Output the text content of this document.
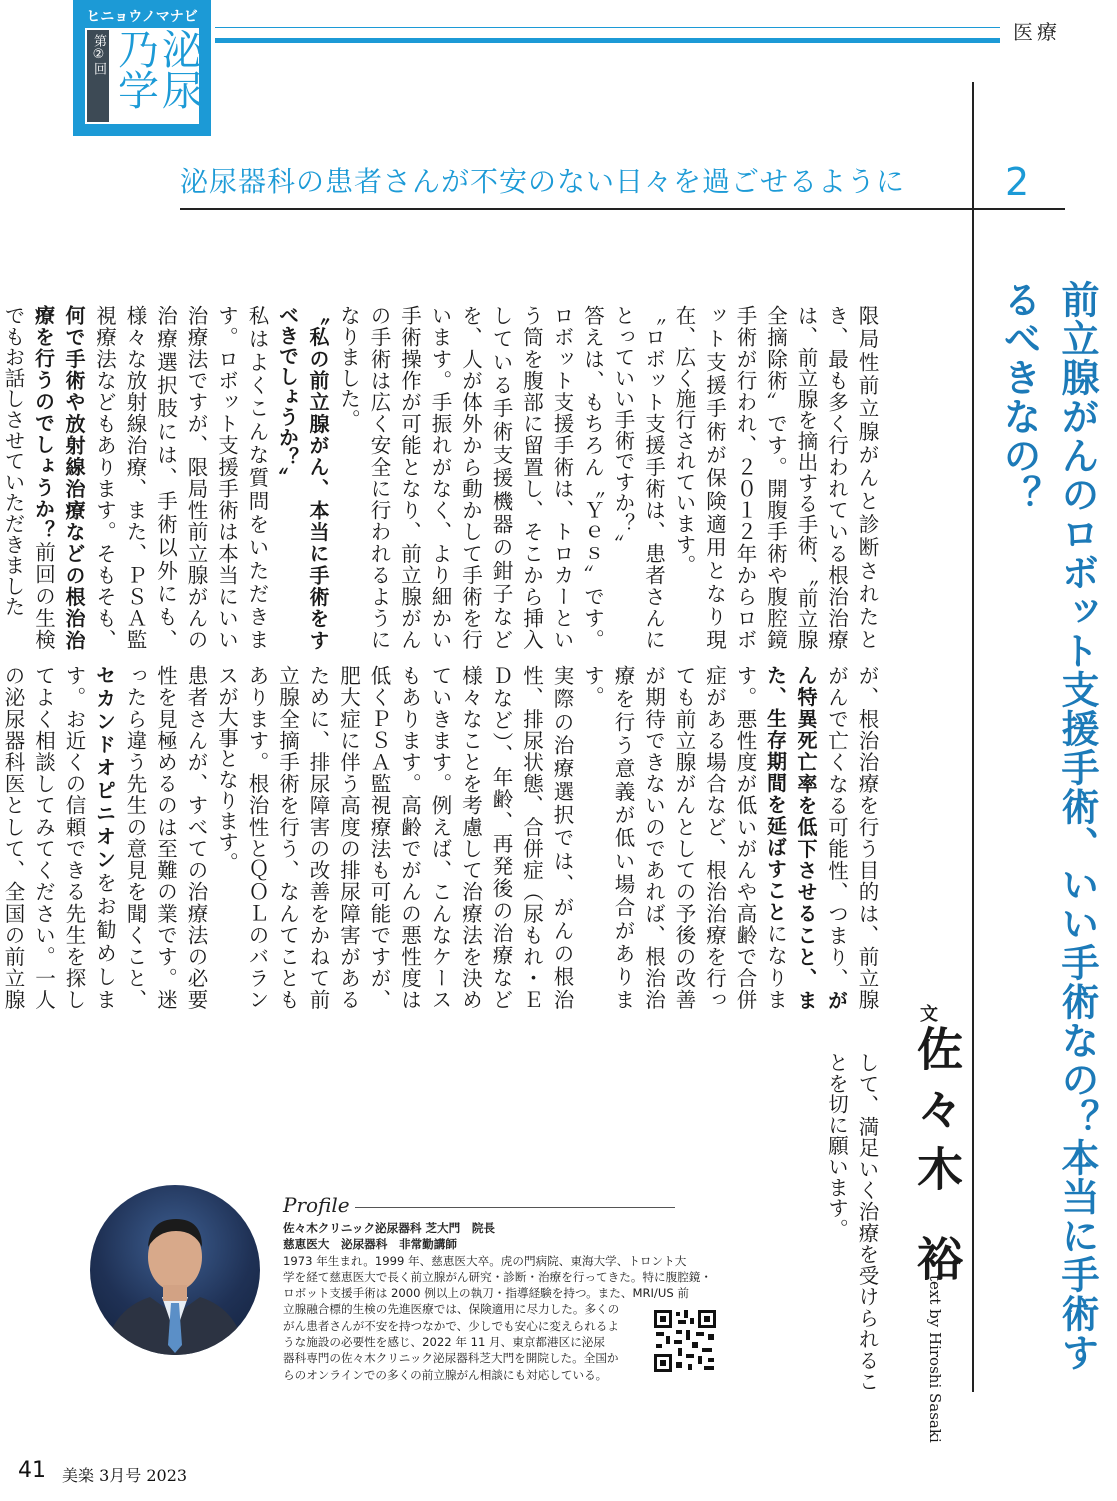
医療
ヒニョウノマナビ
第②回	泌尿乃学
泌尿器科の患者さんが不安のない日々を過ごせるように	2
前立腺がんのロボット支援手術、いい手術なの？本当に手術するべきなの？
文
佐々木 裕
text by Hiroshi Sasaki
限局性前立腺がんと診断されたとき、最も多く行われている根治治療は、前立腺を摘出する手術、〝前立腺全摘除術〟です。開腹手術や腹腔鏡手術が行われ、２０１２年からロボット支援手術が保険適用となり現在、広く施行されています。
〝ロボット支援手術は、患者さんにとっていい手術ですか？〟
答えは、もちろん〝Ｙｅｓ〟です。ロボット支援手術は、トロカーという筒を腹部に留置し、そこから挿入している手術支援機器の鉗子などを、人が体外から動かして手術を行います。手振れがなく、より細かい手術操作が可能となり、前立腺がんの手術は広く安全に行われるようになりました。
〝私の前立腺がん、本当に手術をすべきでしょうか？〟
私はよくこんな質問をいただきます。ロボット支援手術は本当にいい治療法ですが、限局性前立腺がんの治療選択肢には、手術以外にも、様々な放射線治療、また、ＰＳＡ監視療法などもあります。そもそも、何で手術や放射線治療などの根治治療を行うのでしょうか？前回の生検でもお話しさせていただきました
が、根治治療を行う目的は、前立腺がんで亡くなる可能性、つまり、がん特異死亡率を低下させること、また、生存期間を延ばすことになります。悪性度が低いがんや高齢で合併症がある場合など、根治治療を行っても前立腺がんとしての予後の改善が期待できないのであれば、根治治療を行う意義が低い場合があります。
実際の治療選択では、がんの根治性、排尿状態、合併症（尿もれ・ＥＤなど）、年齢、再発後の治療など様々なことを考慮して治療法を決めていきます。例えば、こんなケースもあります。高齢でがんの悪性度は低くＰＳＡ監視療法も可能ですが、肥大症に伴う高度の排尿障害があるために、排尿障害の改善をかねて前立腺全摘手術を行う、なんてこともあります。根治性とＱＯＬのバランスが大事となります。
患者さんが、すべての治療法の必要性を見極めるのは至難の業です。迷ったら違う先生の意見を聞くこと、セカンドオピニオンをお勧めします。お近くの信頼できる先生を探してよく相談してみてください。一人の泌尿器科医として、全国の前立腺
して、満足いく治療を受けられることを切に願います。
Profile
佐々木クリニック泌尿器科 芝大門　院長
慈恵医大　泌尿器科　非常勤講師
1973 年生まれ。1999 年、慈恵医大卒。虎の門病院、東海大学、トロント大
学を経て慈恵医大で長く前立腺がん研究・診断・治療を行ってきた。特に腹腔鏡・
ロボット支援手術は 2000 例以上の執刀・指導経験を持つ。また、MRI/US 前
立腺融合標的生検の先進医療では、保険適用に尽力した。多くの
がん患者さんが不安を持つなかで、少しでも安心に変えられるよ
うな施設の必要性を感じ、2022 年 11 月、東京都港区に泌尿
器科専門の佐々木クリニック泌尿器科芝大門を開院した。全国か
らのオンラインでの多くの前立腺がん相談にも対応している。
41 美楽 3月号 2023
